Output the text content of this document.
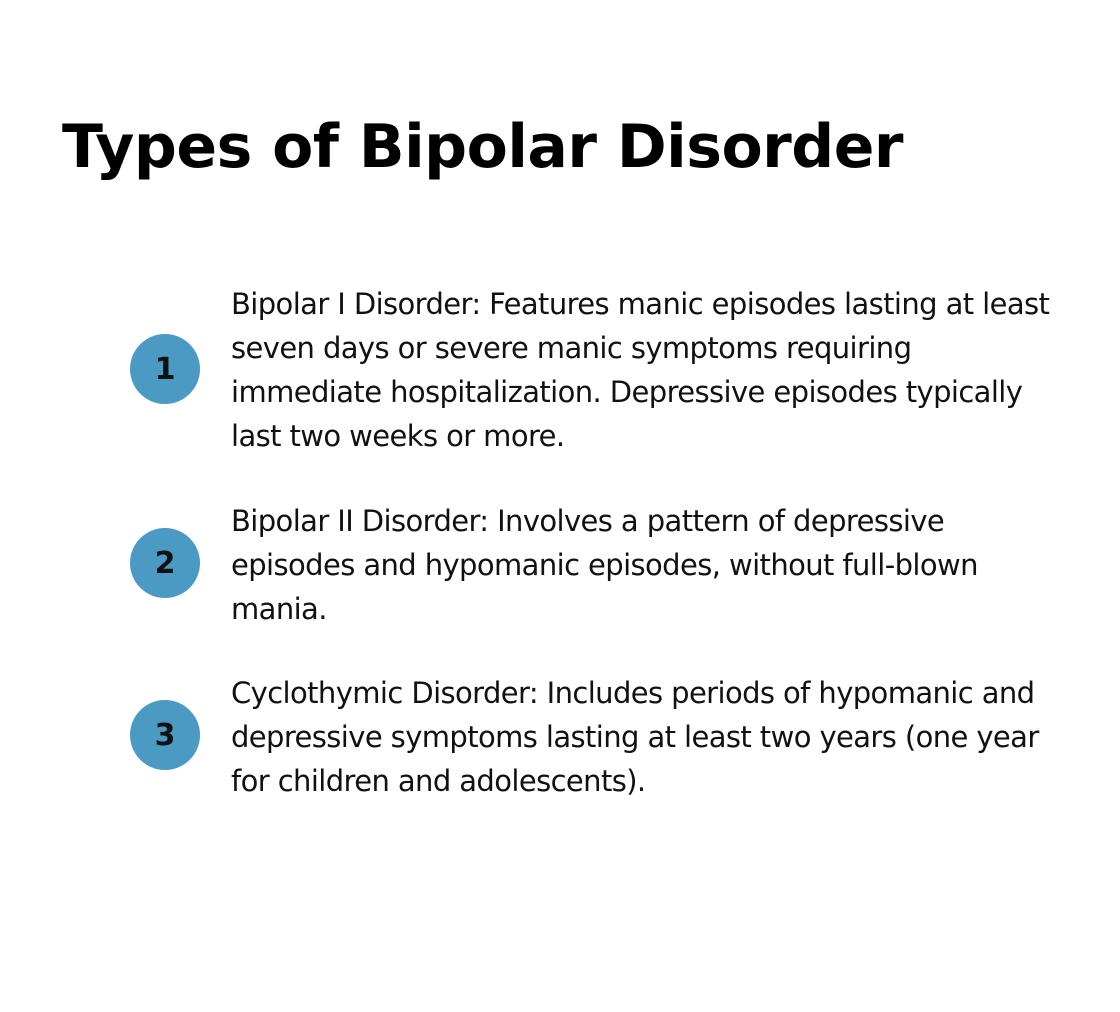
Types of Bipolar Disorder
1

Bipolar I Disorder: Features manic episodes lasting at least seven days or severe manic symptoms requiring immediate hospitalization. Depressive episodes typically last two weeks or more.

2

Bipolar II Disorder: Involves a pattern of depressive episodes and hypomanic episodes, without full-blown mania.

3

Cyclothymic Disorder: Includes periods of hypomanic and depressive symptoms lasting at least two years (one year for children and adolescents).
